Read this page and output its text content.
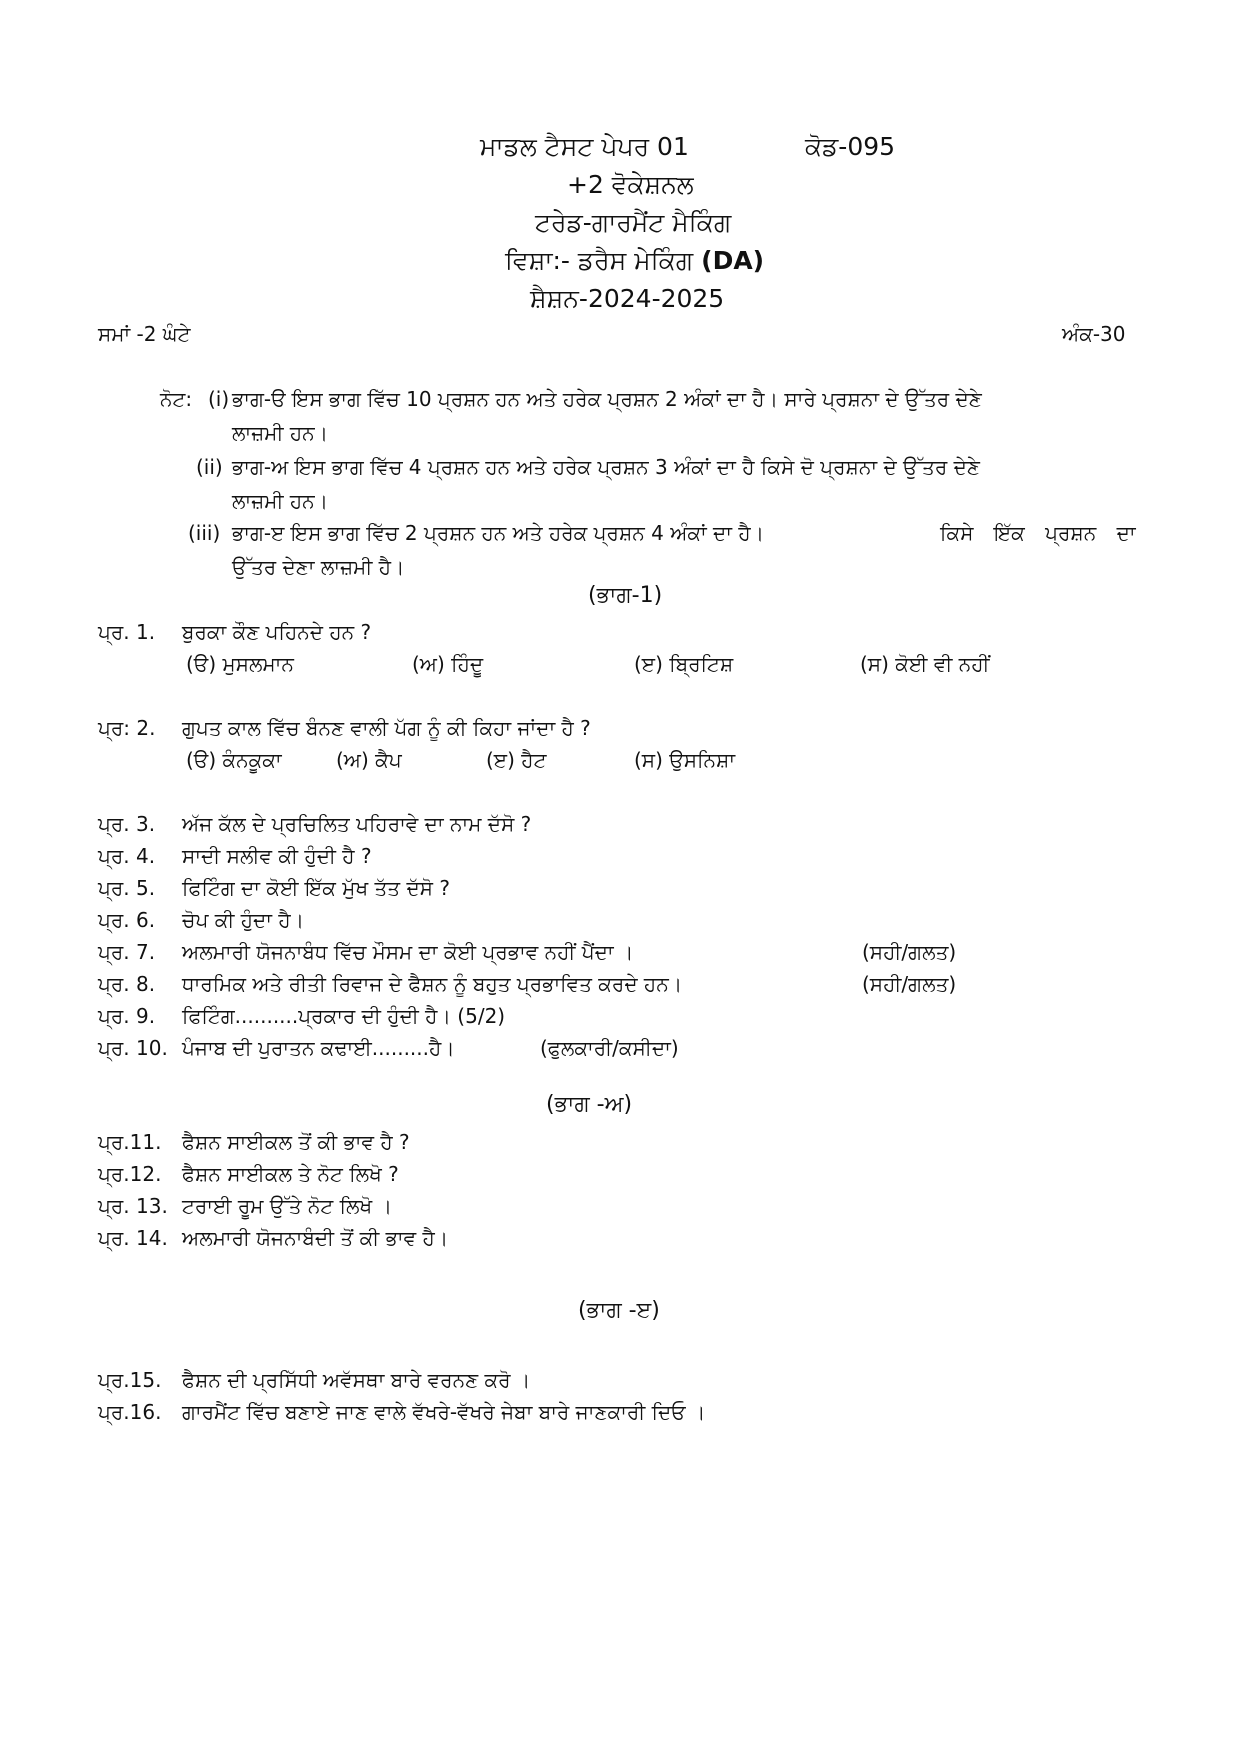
ਮਾਡਲ ਟੈਸਟ ਪੇਪਰ 01	ਕੋਡ-095
+2 ਵੋਕੇਸ਼ਨਲ
ਟਰੇਡ-ਗਾਰਮੈਂਟ ਮੈਕਿੰਗ
ਵਿਸ਼ਾ:- ਡਰੈਸ ਮੇਕਿੰਗ (DA)
ਸ਼ੈਸ਼ਨ-2024-2025
ਸਮਾਂ -2 ਘੰਟੇ	ਅੰਕ-30
ਨੋਟ: (i) ਭਾਗ-ੳ ਇਸ ਭਾਗ ਵਿੱਚ 10 ਪ੍ਰਸ਼ਨ ਹਨ ਅਤੇ ਹਰੇਕ ਪ੍ਰਸ਼ਨ 2 ਅੰਕਾਂ ਦਾ ਹੈ। ਸਾਰੇ ਪ੍ਰਸ਼ਨਾ ਦੇ ਉੱਤਰ ਦੇਣੇ
ਲਾਜ਼ਮੀ ਹਨ।
(ii) ਭਾਗ-ਅ ਇਸ ਭਾਗ ਵਿੱਚ 4 ਪ੍ਰਸ਼ਨ ਹਨ ਅਤੇ ਹਰੇਕ ਪ੍ਰਸ਼ਨ 3 ਅੰਕਾਂ ਦਾ ਹੈ ਕਿਸੇ ਦੋ ਪ੍ਰਸ਼ਨਾ ਦੇ ਉੱਤਰ ਦੇਣੇ
ਲਾਜ਼ਮੀ ਹਨ।
(iii) ਭਾਗ-ੲ ਇਸ ਭਾਗ ਵਿੱਚ 2 ਪ੍ਰਸ਼ਨ ਹਨ ਅਤੇ ਹਰੇਕ ਪ੍ਰਸ਼ਨ 4 ਅੰਕਾਂ ਦਾ ਹੈ।	ਕਿਸੇ ਇੱਕ ਪ੍ਰਸ਼ਨ ਦਾ
ਉੱਤਰ ਦੇਣਾ ਲਾਜ਼ਮੀ ਹੈ।
(ਭਾਗ-1)
ਪ੍ਰ. 1. ਬੁਰਕਾ ਕੌਣ ਪਹਿਨਦੇ ਹਨ ?
(ੳ) ਮੁਸਲਮਾਨ	(ਅ) ਹਿੰਦੂ	(ੲ) ਬ੍ਰਿਟਿਸ਼	(ਸ) ਕੋਈ ਵੀ ਨਹੀਂ
ਪ੍ਰ: 2. ਗੁਪਤ ਕਾਲ ਵਿੱਚ ਬੰਨਣ ਵਾਲੀ ਪੱਗ ਨੂੰ ਕੀ ਕਿਹਾ ਜਾਂਦਾ ਹੈ ?
(ੳ) ਕੰਨਕੂਕਾ	(ਅ) ਕੈਪ	(ੲ) ਹੈਟ	(ਸ) ਉਸਨਿਸ਼ਾ
ਪ੍ਰ. 3. ਅੱਜ ਕੱਲ ਦੇ ਪ੍ਰਚਿਲਿਤ ਪਹਿਰਾਵੇ ਦਾ ਨਾਮ ਦੱਸੋ ?
ਪ੍ਰ. 4. ਸਾਦੀ ਸਲੀਵ ਕੀ ਹੁੰਦੀ ਹੈ ?
ਪ੍ਰ. 5. ਫਿਟਿੰਗ ਦਾ ਕੋਈ ਇੱਕ ਮੁੱਖ ਤੱਤ ਦੱਸੋ ?
ਪ੍ਰ. 6. ਚੋਪ ਕੀ ਹੁੰਦਾ ਹੈ।
ਪ੍ਰ. 7. ਅਲਮਾਰੀ ਯੋਜਨਾਬੰਧ ਵਿੱਚ ਮੌਸਮ ਦਾ ਕੋਈ ਪ੍ਰਭਾਵ ਨਹੀਂ ਪੈਂਦਾ ।	(ਸਹੀ/ਗਲਤ)
ਪ੍ਰ. 8. ਧਾਰਮਿਕ ਅਤੇ ਰੀਤੀ ਰਿਵਾਜ ਦੇ ਫੈਸ਼ਨ ਨੂੰ ਬਹੁਤ ਪ੍ਰਭਾਵਿਤ ਕਰਦੇ ਹਨ।	(ਸਹੀ/ਗਲਤ)
ਪ੍ਰ. 9. ਫਿਟਿੰਗ..........ਪ੍ਰਕਾਰ ਦੀ ਹੁੰਦੀ ਹੈ। (5/2)
ਪ੍ਰ. 10. ਪੰਜਾਬ ਦੀ ਪੁਰਾਤਨ ਕਢਾਈ.........ਹੈ।	(ਫੁਲਕਾਰੀ/ਕਸੀਦਾ)
(ਭਾਗ -ਅ)
ਪ੍ਰ.11. ਫੈਸ਼ਨ ਸਾਈਕਲ ਤੋਂ ਕੀ ਭਾਵ ਹੈ ?
ਪ੍ਰ.12. ਫੈਸ਼ਨ ਸਾਈਕਲ ਤੇ ਨੋਟ ਲਿਖੋ ?
ਪ੍ਰ. 13. ਟਰਾਈ ਰੂਮ ਉੱਤੇ ਨੋਟ ਲਿਖੋ ।
ਪ੍ਰ. 14. ਅਲਮਾਰੀ ਯੋਜਨਾਬੰਦੀ ਤੋਂ ਕੀ ਭਾਵ ਹੈ।
(ਭਾਗ -ੲ)
ਪ੍ਰ.15. ਫੈਸ਼ਨ ਦੀ ਪ੍ਰਸਿੱਧੀ ਅਵੱਸਥਾ ਬਾਰੇ ਵਰਨਣ ਕਰੋ ।
ਪ੍ਰ.16. ਗਾਰਮੈਂਟ ਵਿੱਚ ਬਣਾਏ ਜਾਣ ਵਾਲੇ ਵੱਖਰੇ-ਵੱਖਰੇ ਜੇਬਾ ਬਾਰੇ ਜਾਣਕਾਰੀ ਦਿਓ ।
